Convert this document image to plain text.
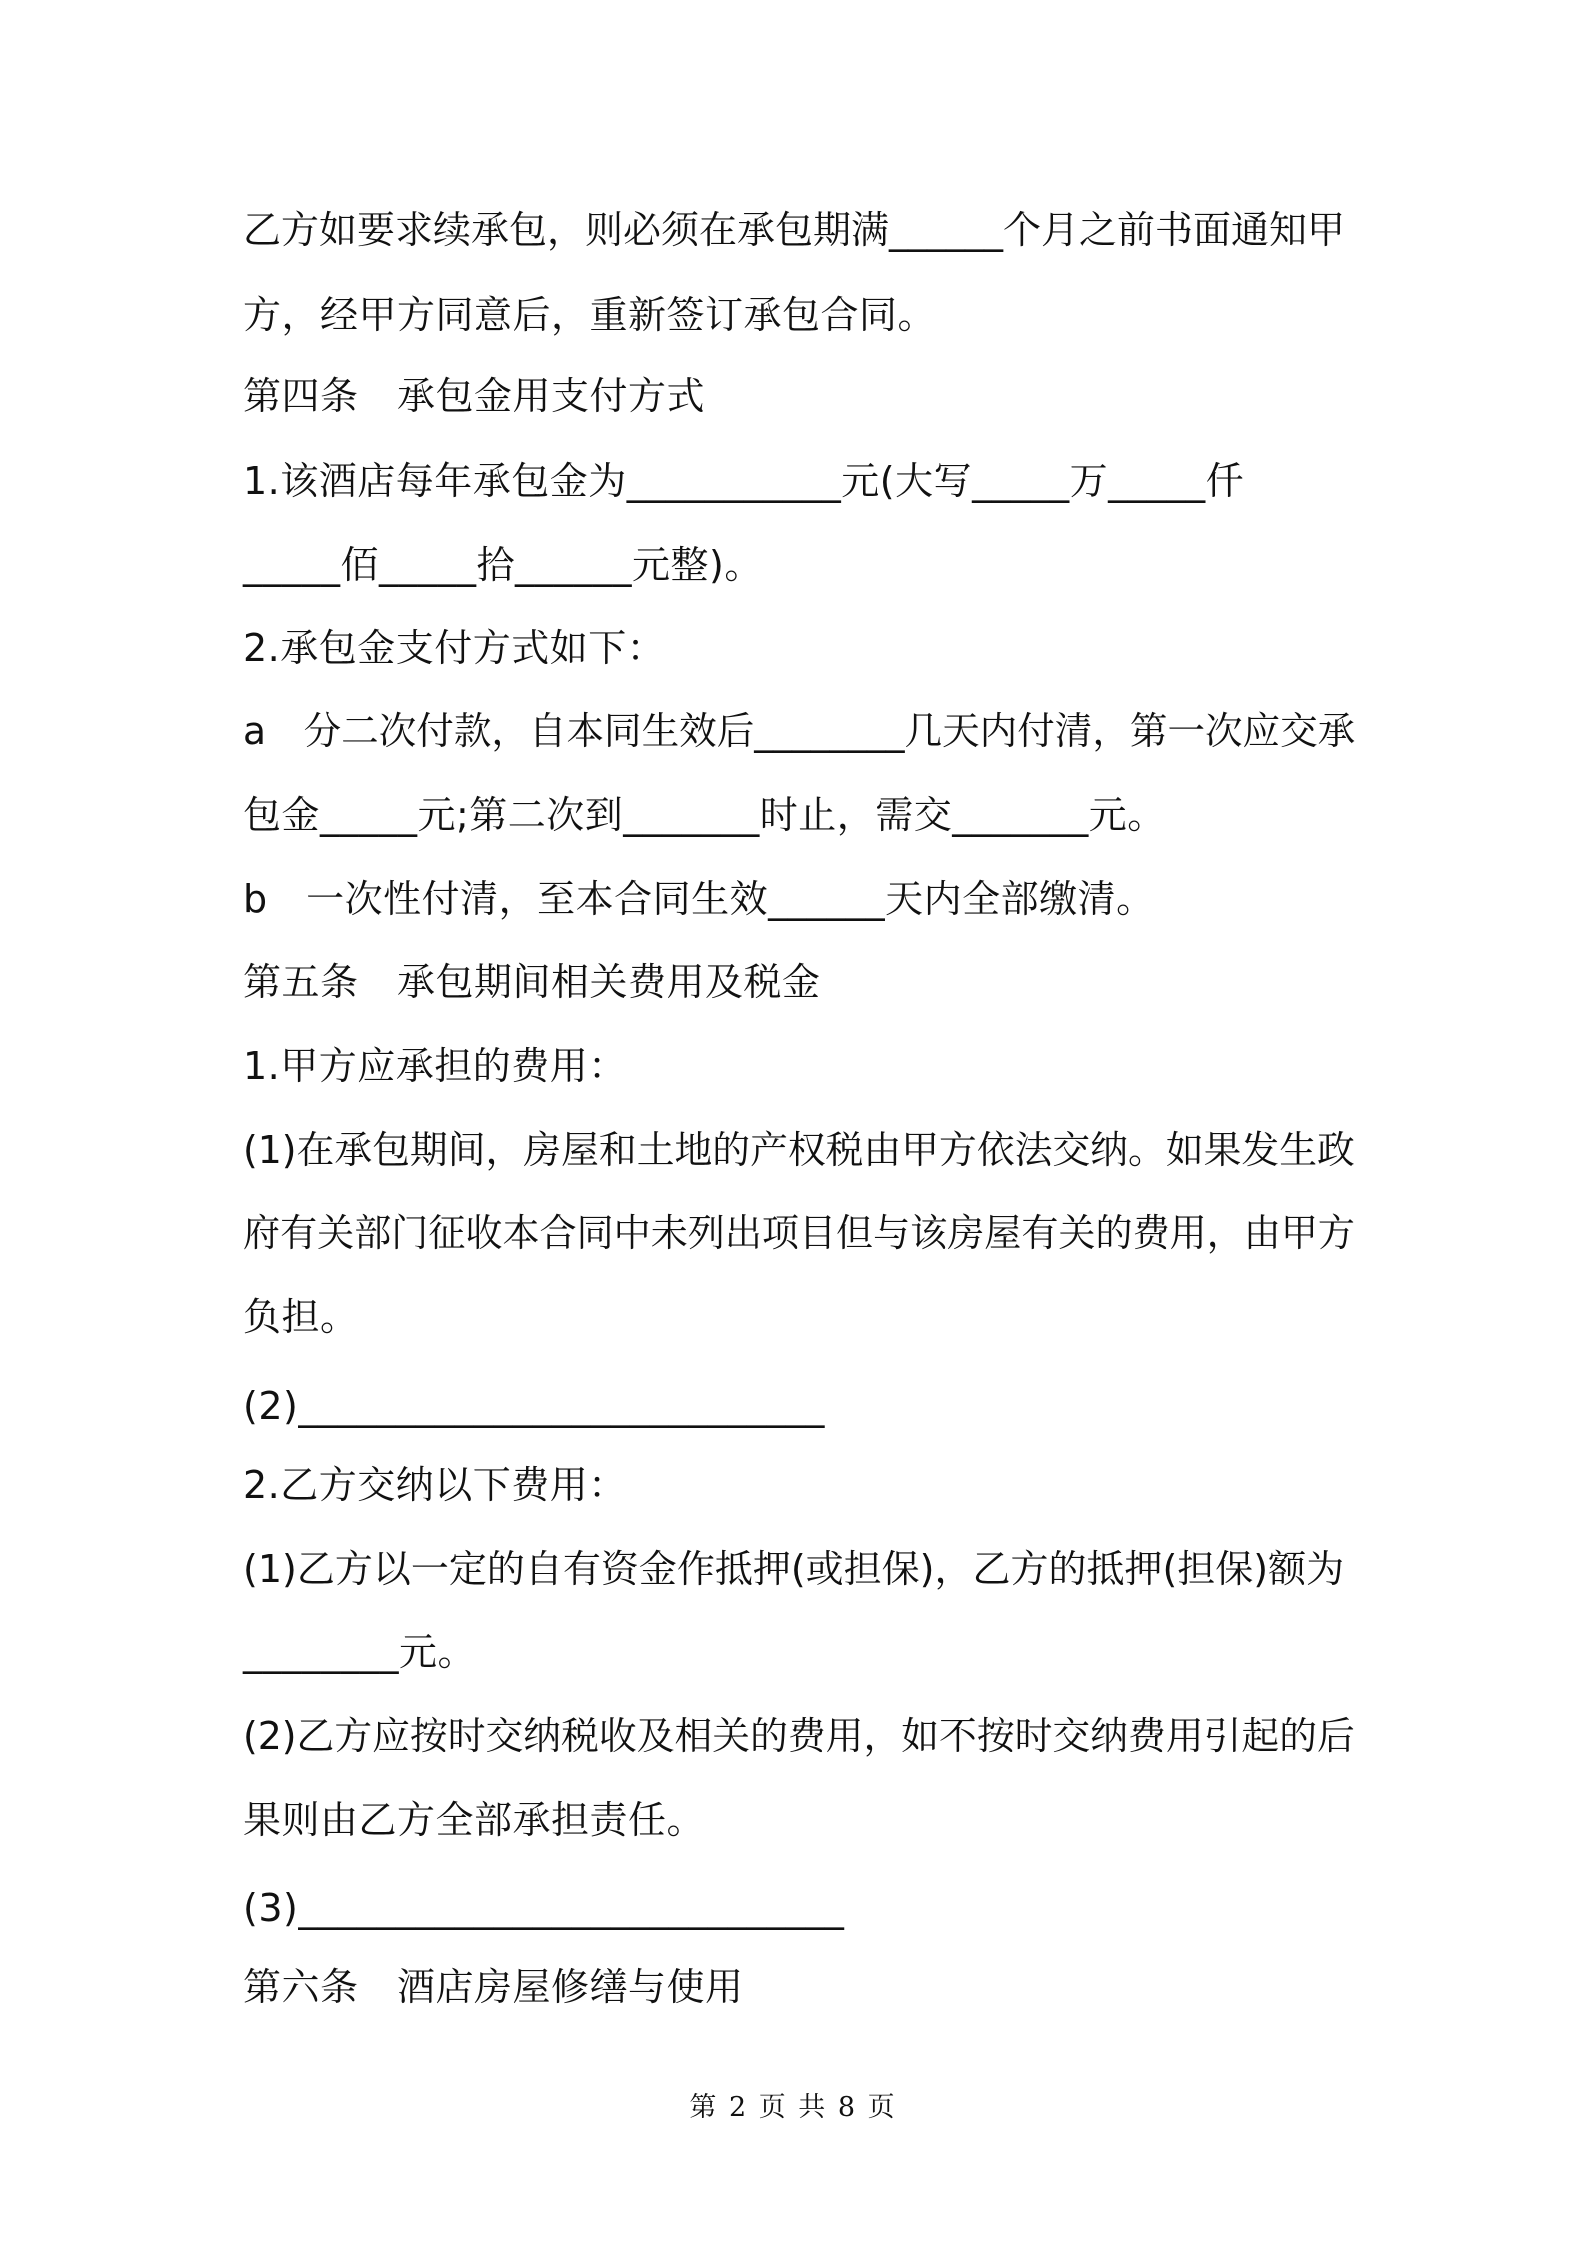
乙方如要求续承包，则必须在承包期满______个月之前书面通知甲

方，经甲方同意后，重新签订承包合同。

第四条　承包金用支付方式

1.该酒店每年承包金为___________元(大写_____万_____仟

_____佰_____拾______元整)。

2.承包金支付方式如下：

a　分二次付款，自本同生效后________几天内付清，第一次应交承

包金_____元;第二次到_______时止，需交_______元。

b　一次性付清，至本合同生效______天内全部缴清。

第五条　承包期间相关费用及税金

1.甲方应承担的费用：

(1)在承包期间，房屋和土地的产权税由甲方依法交纳。如果发生政

府有关部门征收本合同中未列出项目但与该房屋有关的费用，由甲方

负担。

(2)___________________________

2.乙方交纳以下费用：

(1)乙方以一定的自有资金作抵押(或担保)，乙方的抵押(担保)额为

________元。

(2)乙方应按时交纳税收及相关的费用，如不按时交纳费用引起的后

果则由乙方全部承担责任。

(3)____________________________

第六条　酒店房屋修缮与使用

第 2 页 共 8 页
